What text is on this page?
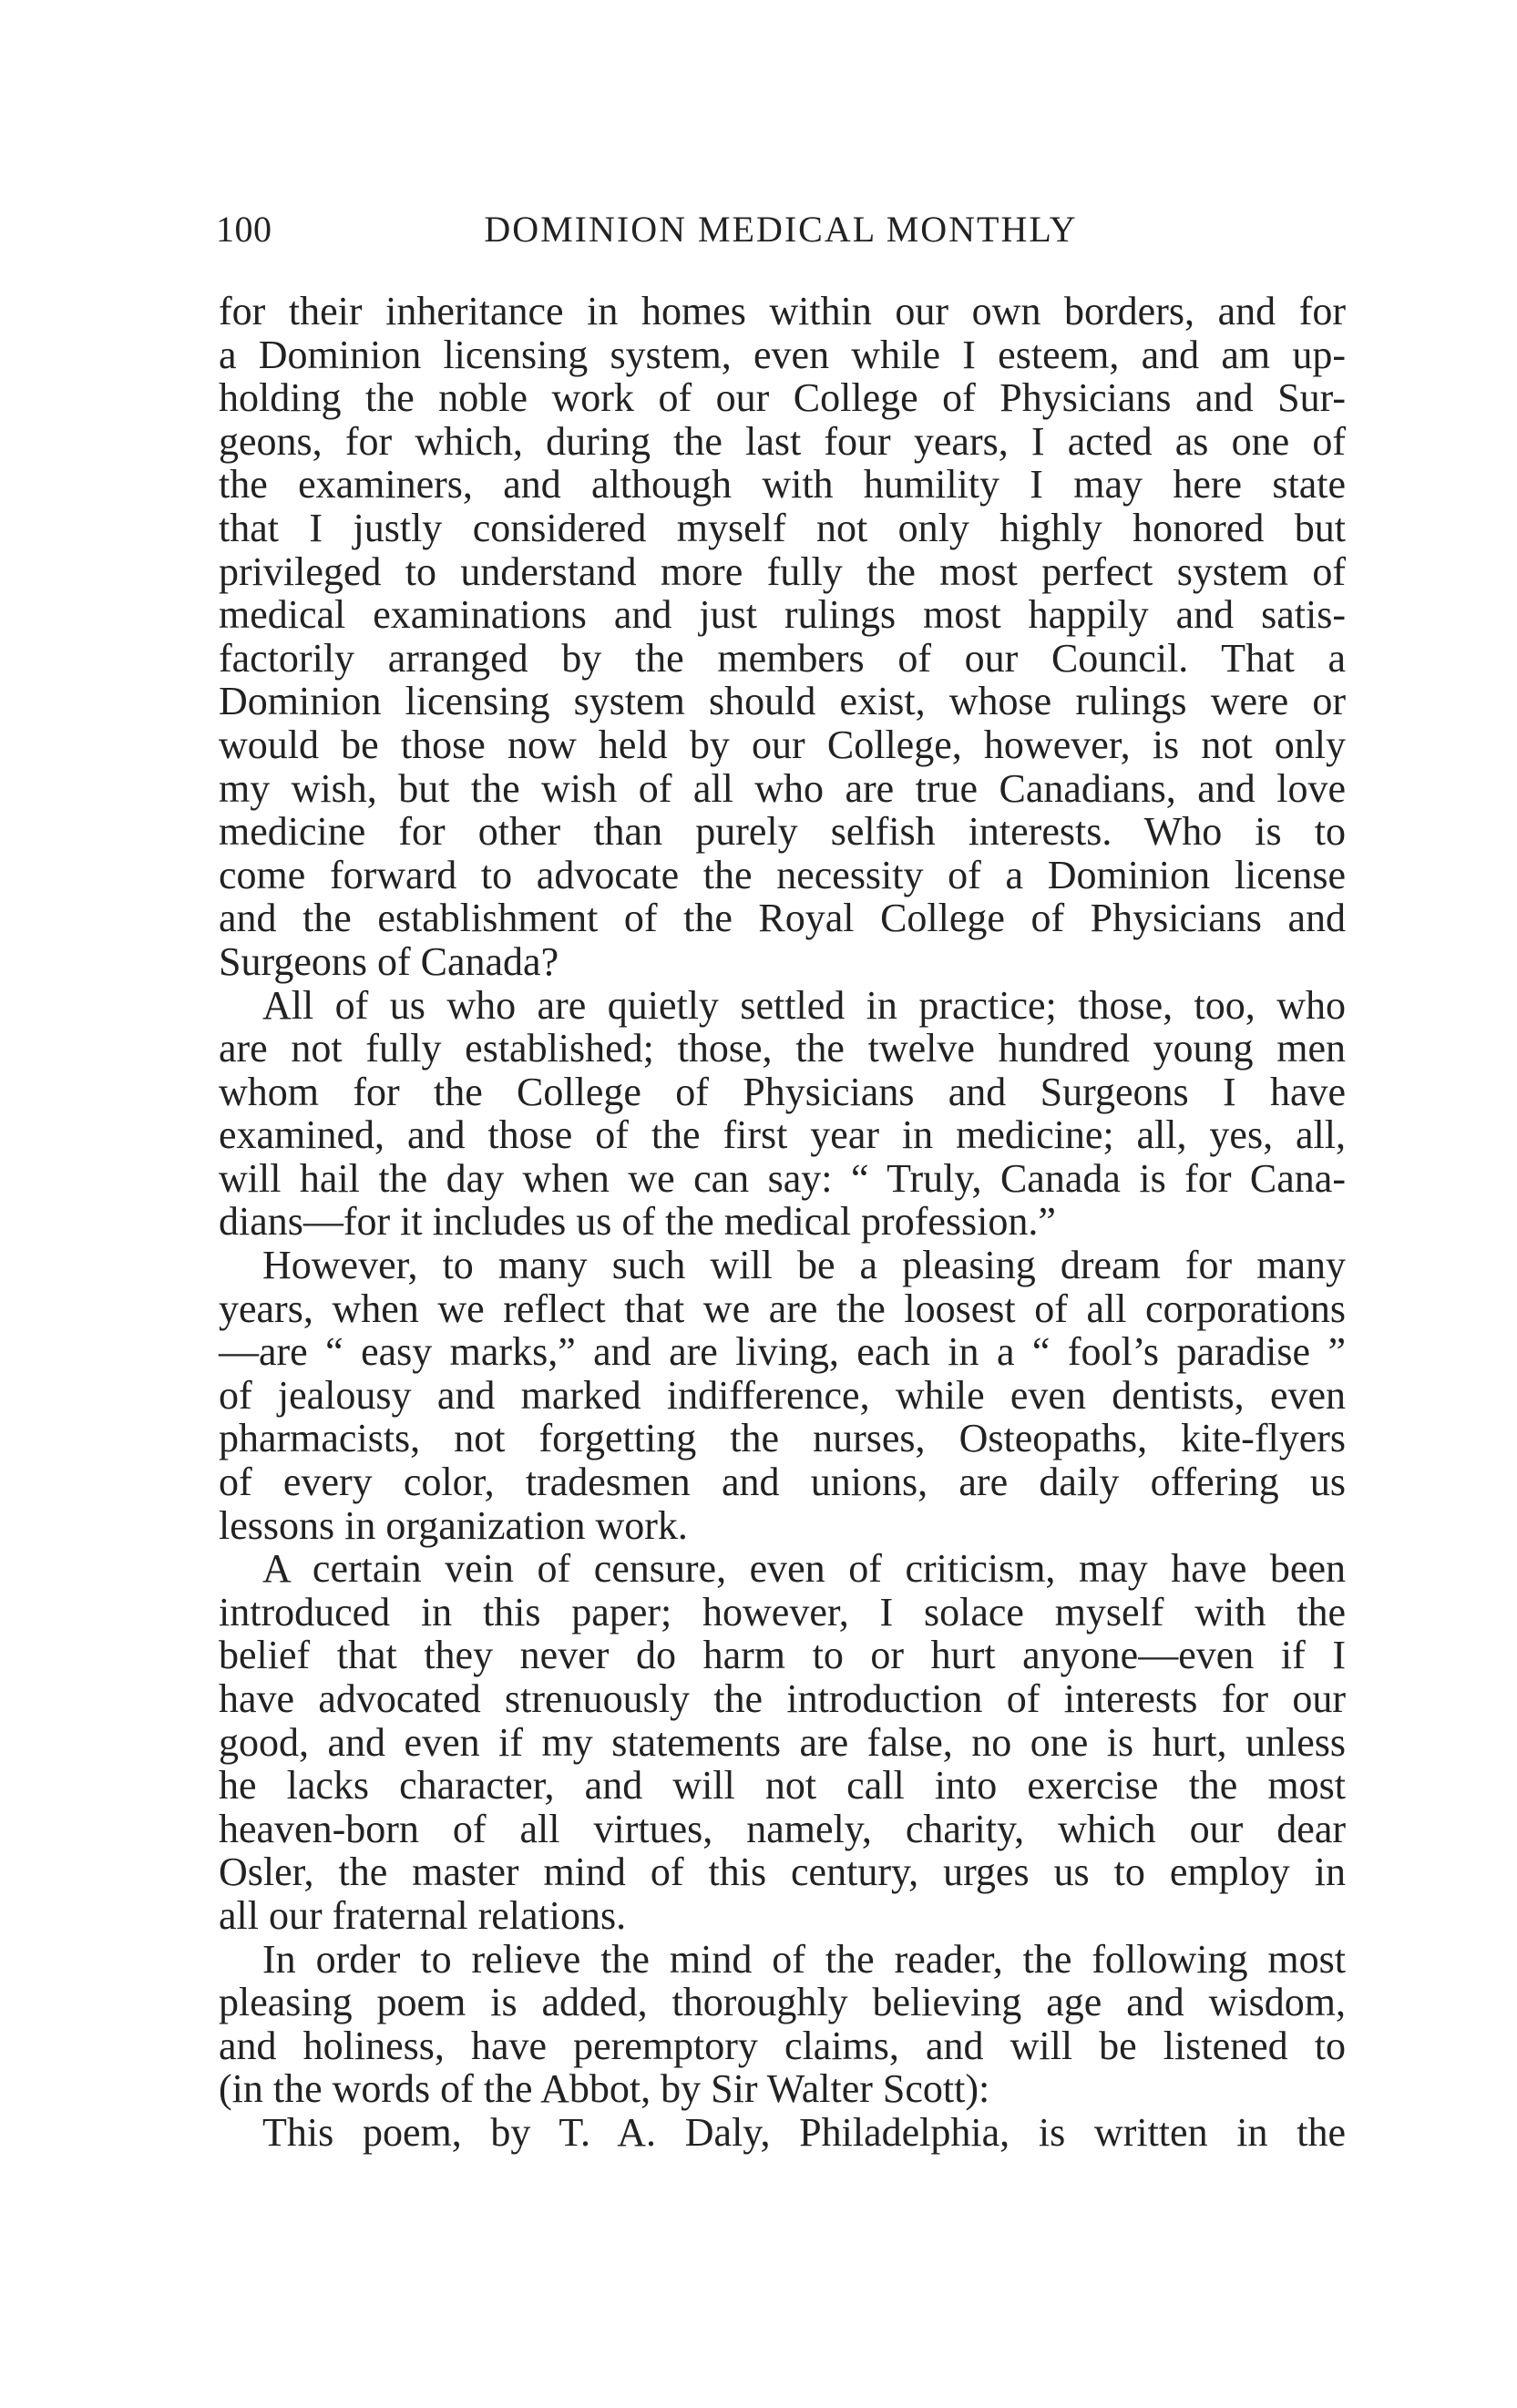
100	DOMINION MEDICAL MONTHLY
for their inheritance in homes within our own borders, and for
a Dominion licensing system, even while I esteem, and am up-
holding the noble work of our College of Physicians and Sur-
geons, for which, during the last four years, I acted as one of
the examiners, and although with humility I may here state
that I justly considered myself not only highly honored but
privileged to understand more fully the most perfect system of
medical examinations and just rulings most happily and satis-
factorily arranged by the members of our Council. That a
Dominion licensing system should exist, whose rulings were or
would be those now held by our College, however, is not only
my wish, but the wish of all who are true Canadians, and love
medicine for other than purely selfish interests. Who is to
come forward to advocate the necessity of a Dominion license
and the establishment of the Royal College of Physicians and
Surgeons of Canada?
All of us who are quietly settled in practice; those, too, who
are not fully established; those, the twelve hundred young men
whom for the College of Physicians and Surgeons I have
examined, and those of the first year in medicine; all, yes, all,
will hail the day when we can say: “ Truly, Canada is for Cana-
dians—for it includes us of the medical profession.”
However, to many such will be a pleasing dream for many
years, when we reflect that we are the loosest of all corporations
—are “ easy marks,” and are living, each in a “ fool’s paradise ”
of jealousy and marked indifference, while even dentists, even
pharmacists, not forgetting the nurses, Osteopaths, kite-flyers
of every color, tradesmen and unions, are daily offering us
lessons in organization work.
A certain vein of censure, even of criticism, may have been
introduced in this paper; however, I solace myself with the
belief that they never do harm to or hurt anyone—even if I
have advocated strenuously the introduction of interests for our
good, and even if my statements are false, no one is hurt, unless
he lacks character, and will not call into exercise the most
heaven-born of all virtues, namely, charity, which our dear
Osler, the master mind of this century, urges us to employ in
all our fraternal relations.
In order to relieve the mind of the reader, the following most
pleasing poem is added, thoroughly believing age and wisdom,
and holiness, have peremptory claims, and will be listened to
(in the words of the Abbot, by Sir Walter Scott):
This poem, by T. A. Daly, Philadelphia, is written in the
